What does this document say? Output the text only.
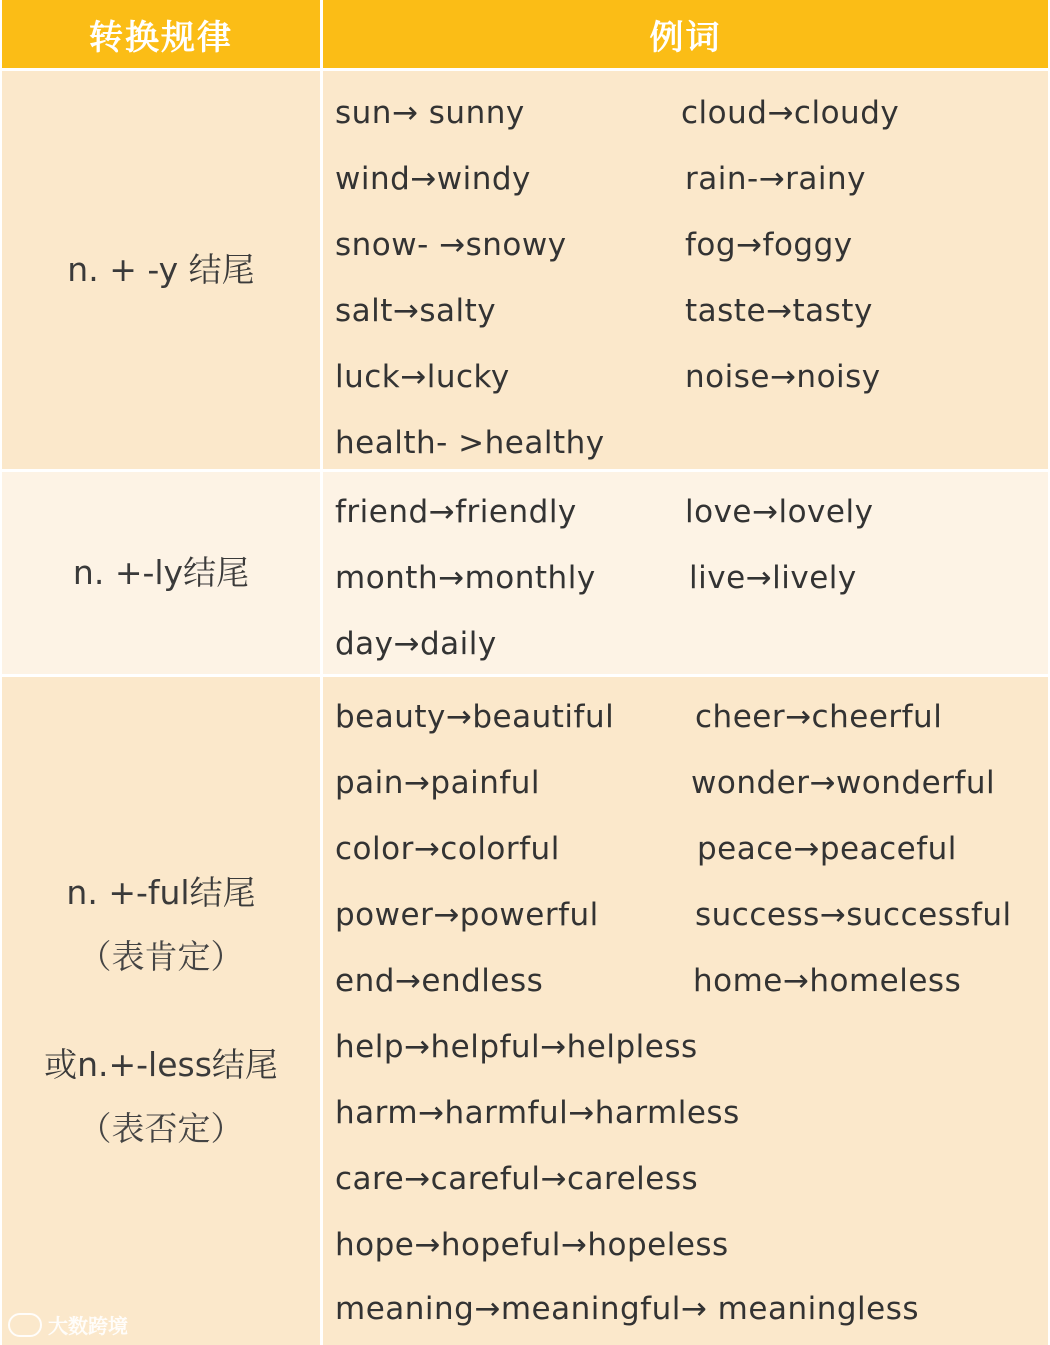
转换规律	例词
n. + -y 结尾
sun→ sunny
wind→windy
snow- →snowy
salt→salty
luck→lucky
health- >healthy
cloud→cloudy
rain-→rainy
fog→foggy
taste→tasty
noise→noisy
n. +-ly结尾
friend→friendly
month→monthly
day→daily
love→lovely
live→lively
n. +-ful结尾
（表肯定）
或n.+-less结尾
（表否定）
beauty→beautiful
pain→painful
color→colorful
power→powerful
end→endless
help→helpful→helpless
harm→harmful→harmless
care→careful→careless
hope→hopeful→hopeless
meaning→meaningful→ meaningless
cheer→cheerful
wonder→wonderful
peace→peaceful
success→successful
home→homeless
大数跨境
